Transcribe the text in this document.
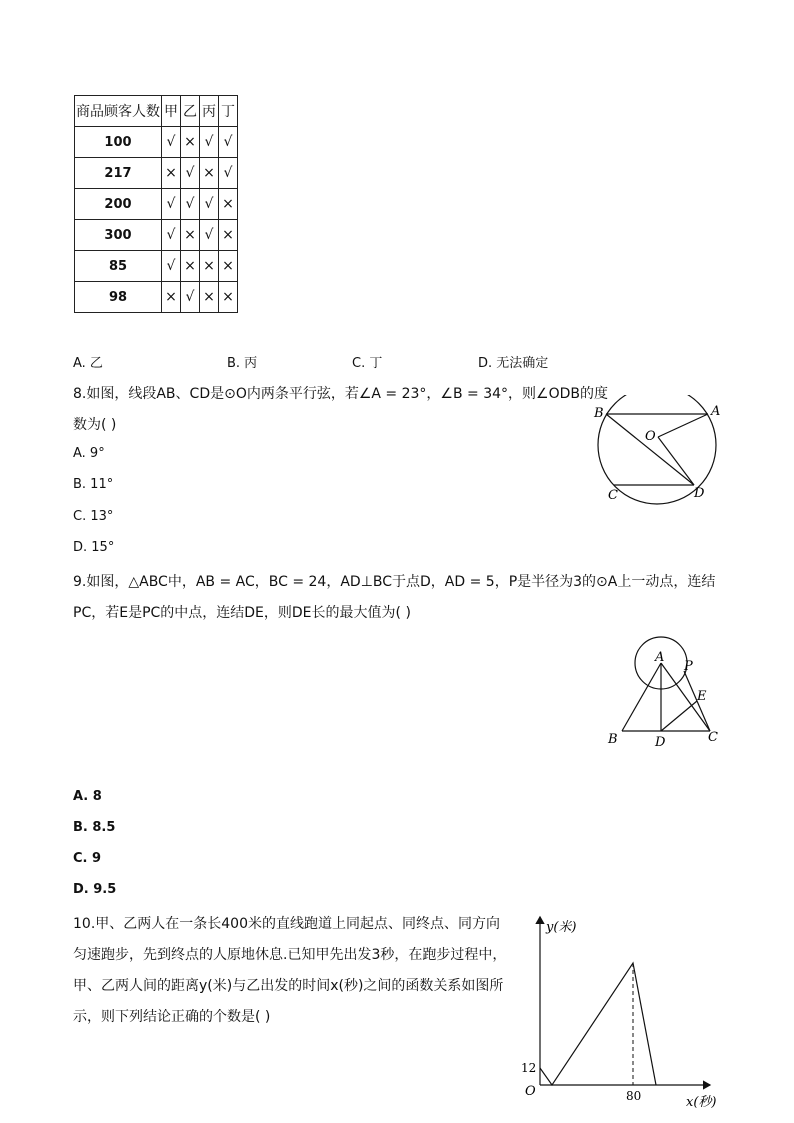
商品顾客人数	甲	乙	丙	丁
100	√	×	√	√
217	×	√	×	√
200	√	√	√	×
300	√	×	√	×
85	√	×	×	×
98	×	√	×	×
A. 乙	B. 丙	C. 丁	D. 无法确定
8.如图，线段AB、CD是⊙O内两条平行弦，若∠A = 23°，∠B = 34°，则∠ODB的度
数为( )
A. 9°
B. 11°
C. 13°
D. 15°
B	A
O
C	D
9.如图，△ABC中，AB = AC，BC = 24，AD⊥BC于点D，AD = 5，P是半径为3的⊙A上一动点，连结
PC，若E是PC的中点，连结DE，则DE长的最大值为( )
A
P
E
B	D	C
A. 8
B. 8.5
C. 9
D. 9.5
10.甲、乙两人在一条长400米的直线跑道上同起点、同终点、同方向
匀速跑步，先到终点的人原地休息.已知甲先出发3秒，在跑步过程中，
甲、乙两人间的距离y(米)与乙出发的时间x(秒)之间的函数关系如图所
示，则下列结论正确的个数是( )
y(米)
x(秒)
O
12
80
